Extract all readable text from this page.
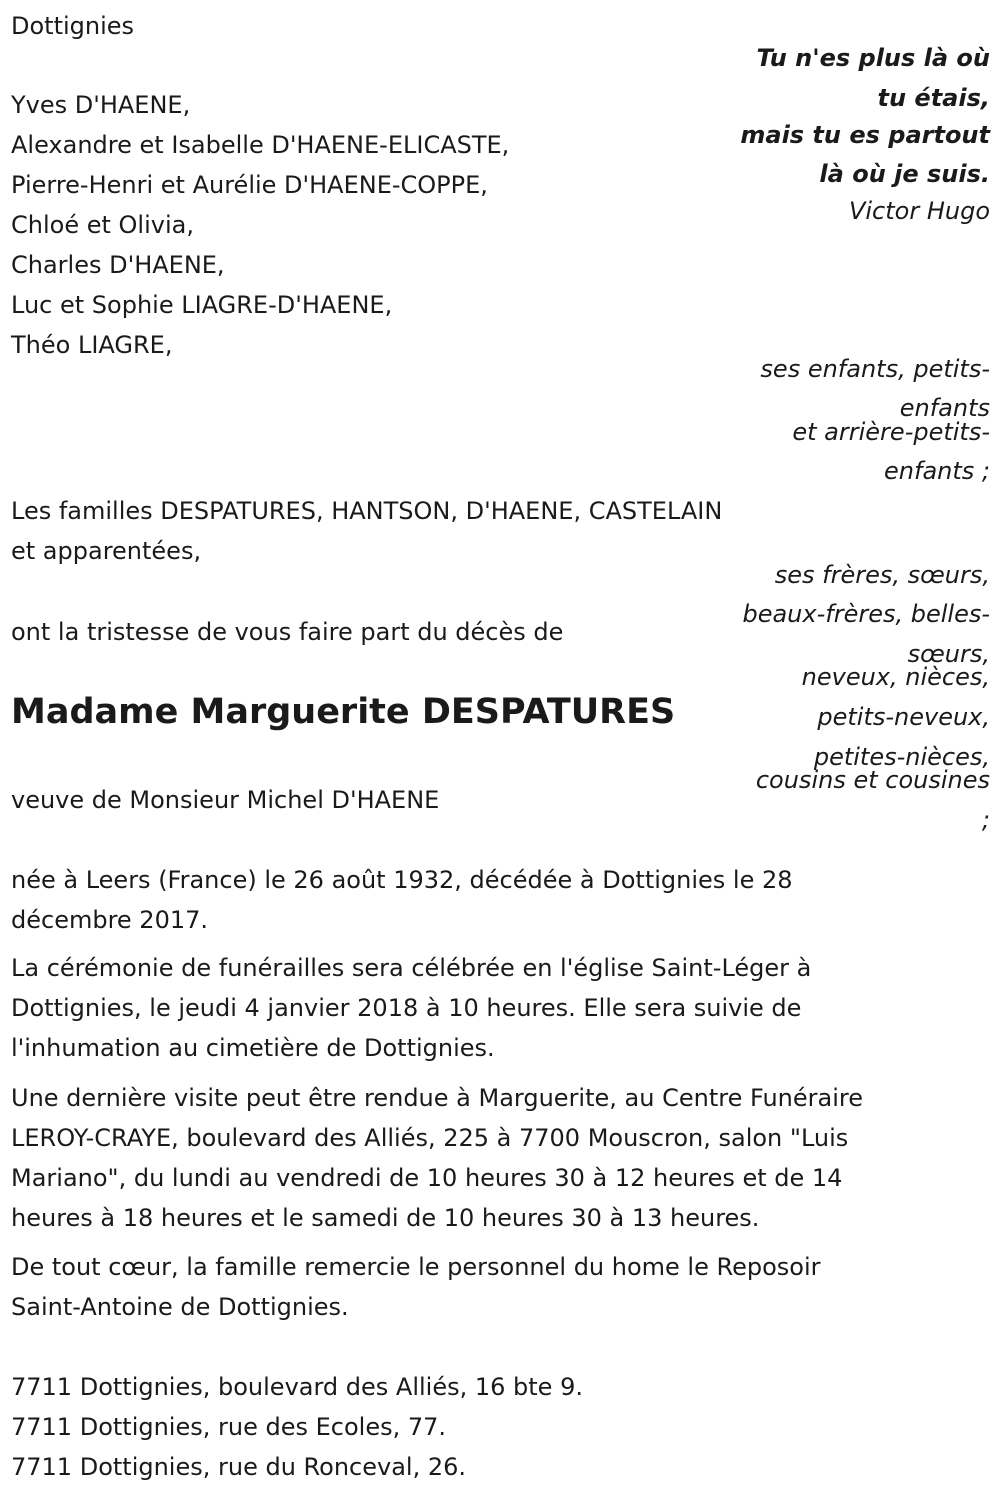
Dottignies
Tu n'es plus là où
tu étais,
mais tu es partout
là où je suis.
Victor Hugo
Yves D'HAENE,
Alexandre et Isabelle D'HAENE-ELICASTE,
Pierre-Henri et Aurélie D'HAENE-COPPE,
Chloé et Olivia,
Charles D'HAENE,
Luc et Sophie LIAGRE-D'HAENE,
Théo LIAGRE,
ses enfants, petits-
enfants
et arrière-petits-
enfants ;
Les familles DESPATURES, HANTSON, D'HAENE, CASTELAIN
et apparentées,
ses frères, sœurs,
beaux-frères, belles-
sœurs,
neveux, nièces,
petits-neveux,
petites-nièces,
cousins et cousines
;
ont la tristesse de vous faire part du décès de
Madame Marguerite DESPATURES
veuve de Monsieur Michel D'HAENE
née à Leers (France) le 26 août 1932, décédée à Dottignies le 28
décembre 2017.
La cérémonie de funérailles sera célébrée en l'église Saint-Léger à
Dottignies, le jeudi 4 janvier 2018 à 10 heures. Elle sera suivie de
l'inhumation au cimetière de Dottignies.
Une dernière visite peut être rendue à Marguerite, au Centre Funéraire
LEROY-CRAYE, boulevard des Alliés, 225 à 7700 Mouscron, salon "Luis
Mariano", du lundi au vendredi de 10 heures 30 à 12 heures et de 14
heures à 18 heures et le samedi de 10 heures 30 à 13 heures.
De tout cœur, la famille remercie le personnel du home le Reposoir
Saint-Antoine de Dottignies.
7711 Dottignies, boulevard des Alliés, 16 bte 9.
7711 Dottignies, rue des Ecoles, 77.
7711 Dottignies, rue du Ronceval, 26.
